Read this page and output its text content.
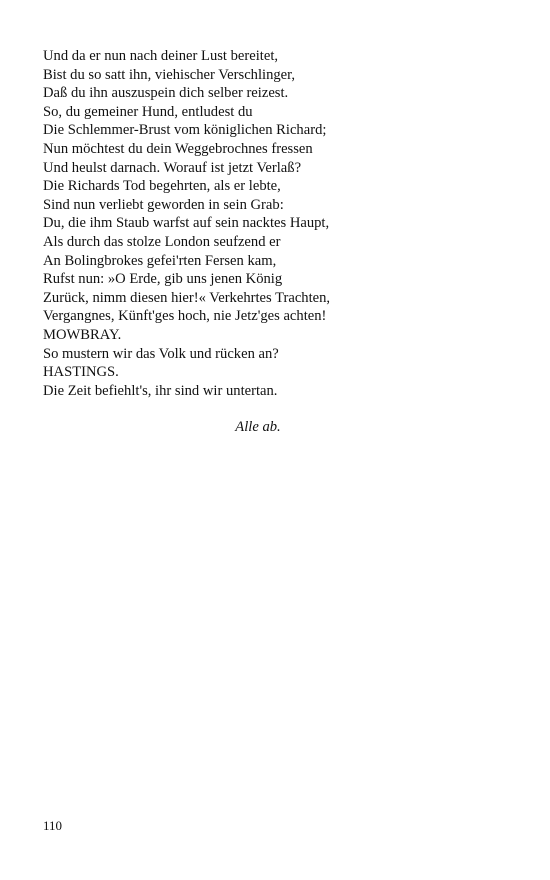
Und da er nun nach deiner Lust bereitet,
Bist du so satt ihn, viehischer Verschlinger,
Daß du ihn auszuspein dich selber reizest.
So, du gemeiner Hund, entludest du
Die Schlemmer-Brust vom königlichen Richard;
Nun möchtest du dein Weggebrochnes fressen
Und heulst darnach. Worauf ist jetzt Verlaß?
Die Richards Tod begehrten, als er lebte,
Sind nun verliebt geworden in sein Grab:
Du, die ihm Staub warfst auf sein nacktes Haupt,
Als durch das stolze London seufzend er
An Bolingbrokes gefei'rten Fersen kam,
Rufst nun: »O Erde, gib uns jenen König
Zurück, nimm diesen hier!« Verkehrtes Trachten,
Vergangnes, Künft'ges hoch, nie Jetz'ges achten!
MOWBRAY.
So mustern wir das Volk und rücken an?
HASTINGS.
Die Zeit befiehlt's, ihr sind wir untertan.
Alle ab.
110
